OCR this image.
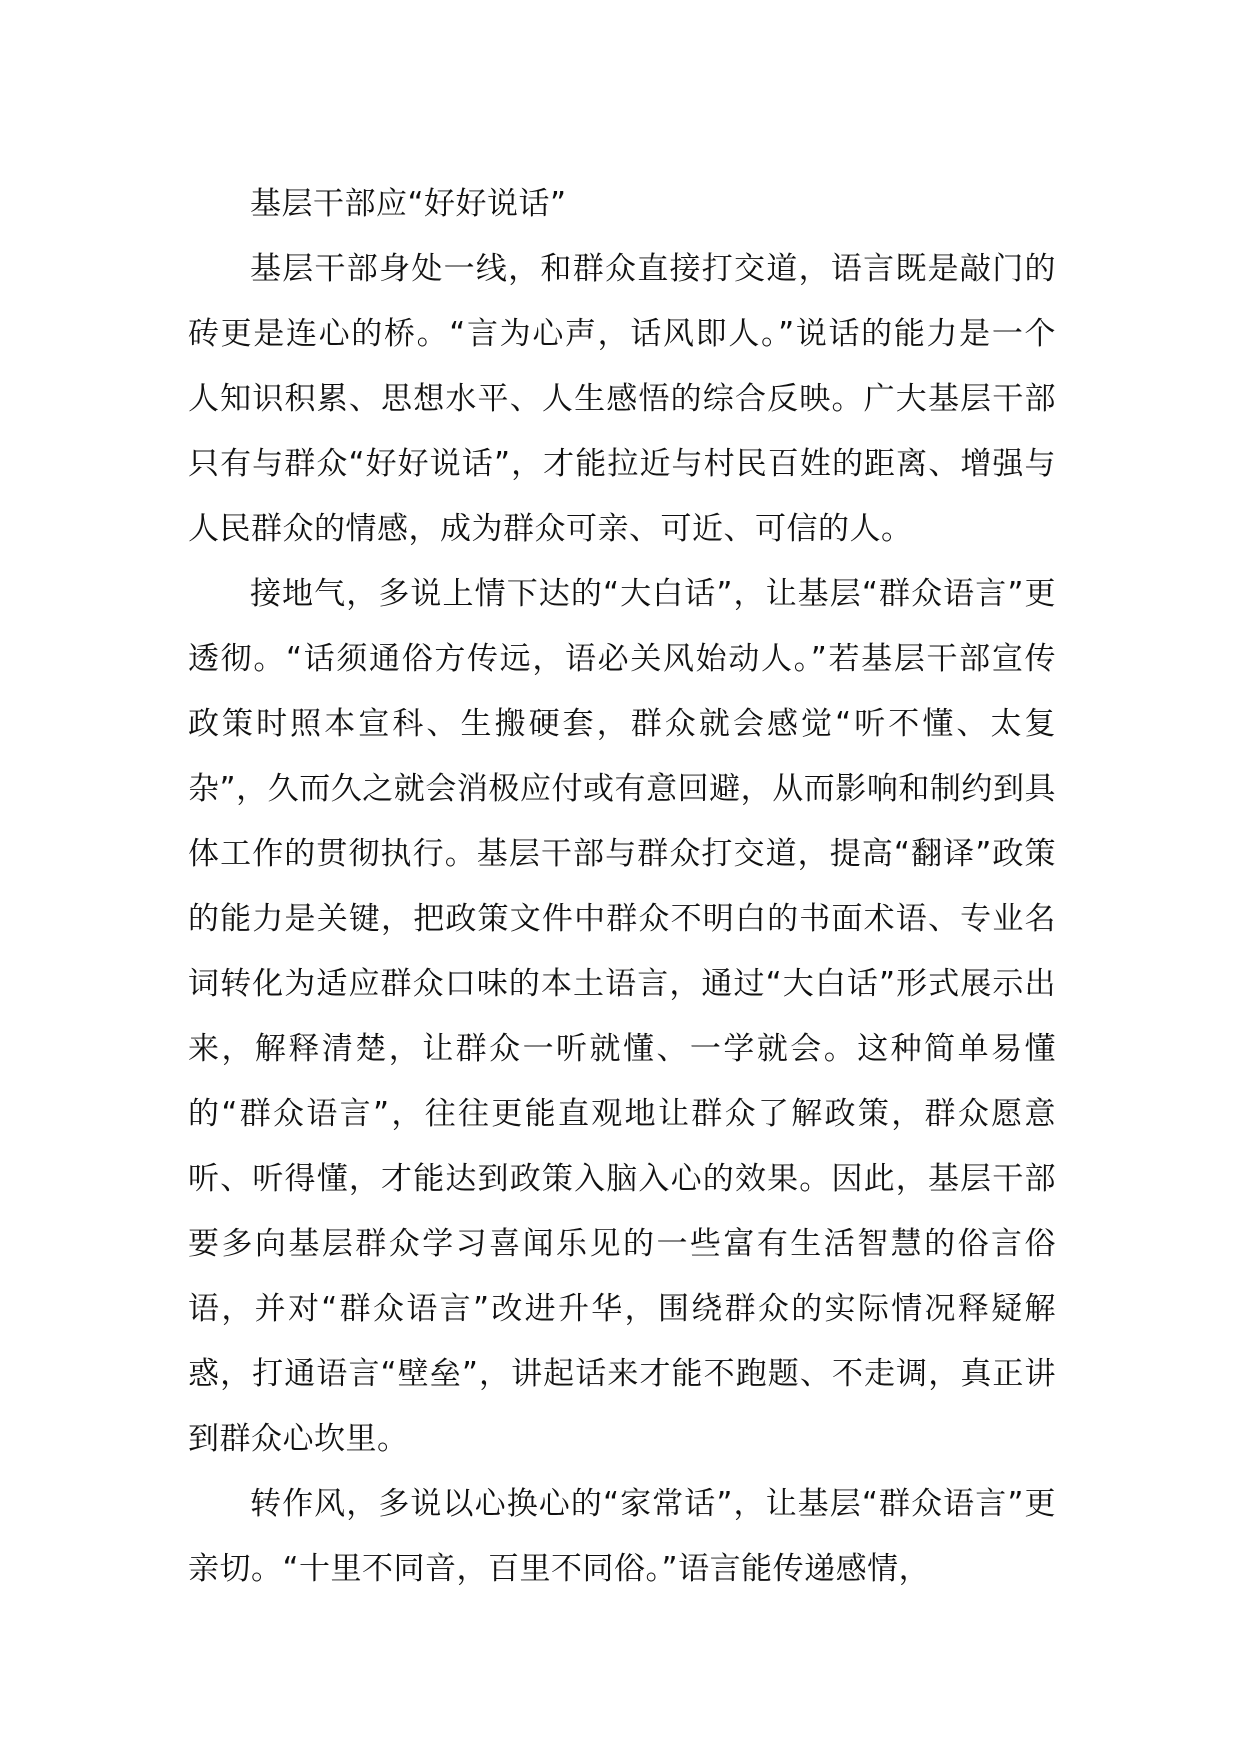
基层干部应“好好说话”

基层干部身处一线，和群众直接打交道，语言既是敲门的砖更是连心的桥。“言为心声，话风即人。”说话的能力是一个人知识积累、思想水平、人生感悟的综合反映。广大基层干部只有与群众“好好说话”，才能拉近与村民百姓的距离、增强与人民群众的情感，成为群众可亲、可近、可信的人。

接地气，多说上情下达的“大白话”，让基层“群众语言”更透彻。“话须通俗方传远，语必关风始动人。”若基层干部宣传政策时照本宣科、生搬硬套，群众就会感觉“听不懂、太复杂”，久而久之就会消极应付或有意回避，从而影响和制约到具体工作的贯彻执行。基层干部与群众打交道，提高“翻译”政策的能力是关键，把政策文件中群众不明白的书面术语、专业名词转化为适应群众口味的本土语言，通过“大白话”形式展示出来，解释清楚，让群众一听就懂、一学就会。这种简单易懂的“群众语言”，往往更能直观地让群众了解政策，群众愿意听、听得懂，才能达到政策入脑入心的效果。因此，基层干部要多向基层群众学习喜闻乐见的一些富有生活智慧的俗言俗语，并对“群众语言”改进升华，围绕群众的实际情况释疑解惑，打通语言“壁垒”，讲起话来才能不跑题、不走调，真正讲到群众心坎里。

转作风，多说以心换心的“家常话”，让基层“群众语言”更亲切。“十里不同音，百里不同俗。”语言能传递感情，
